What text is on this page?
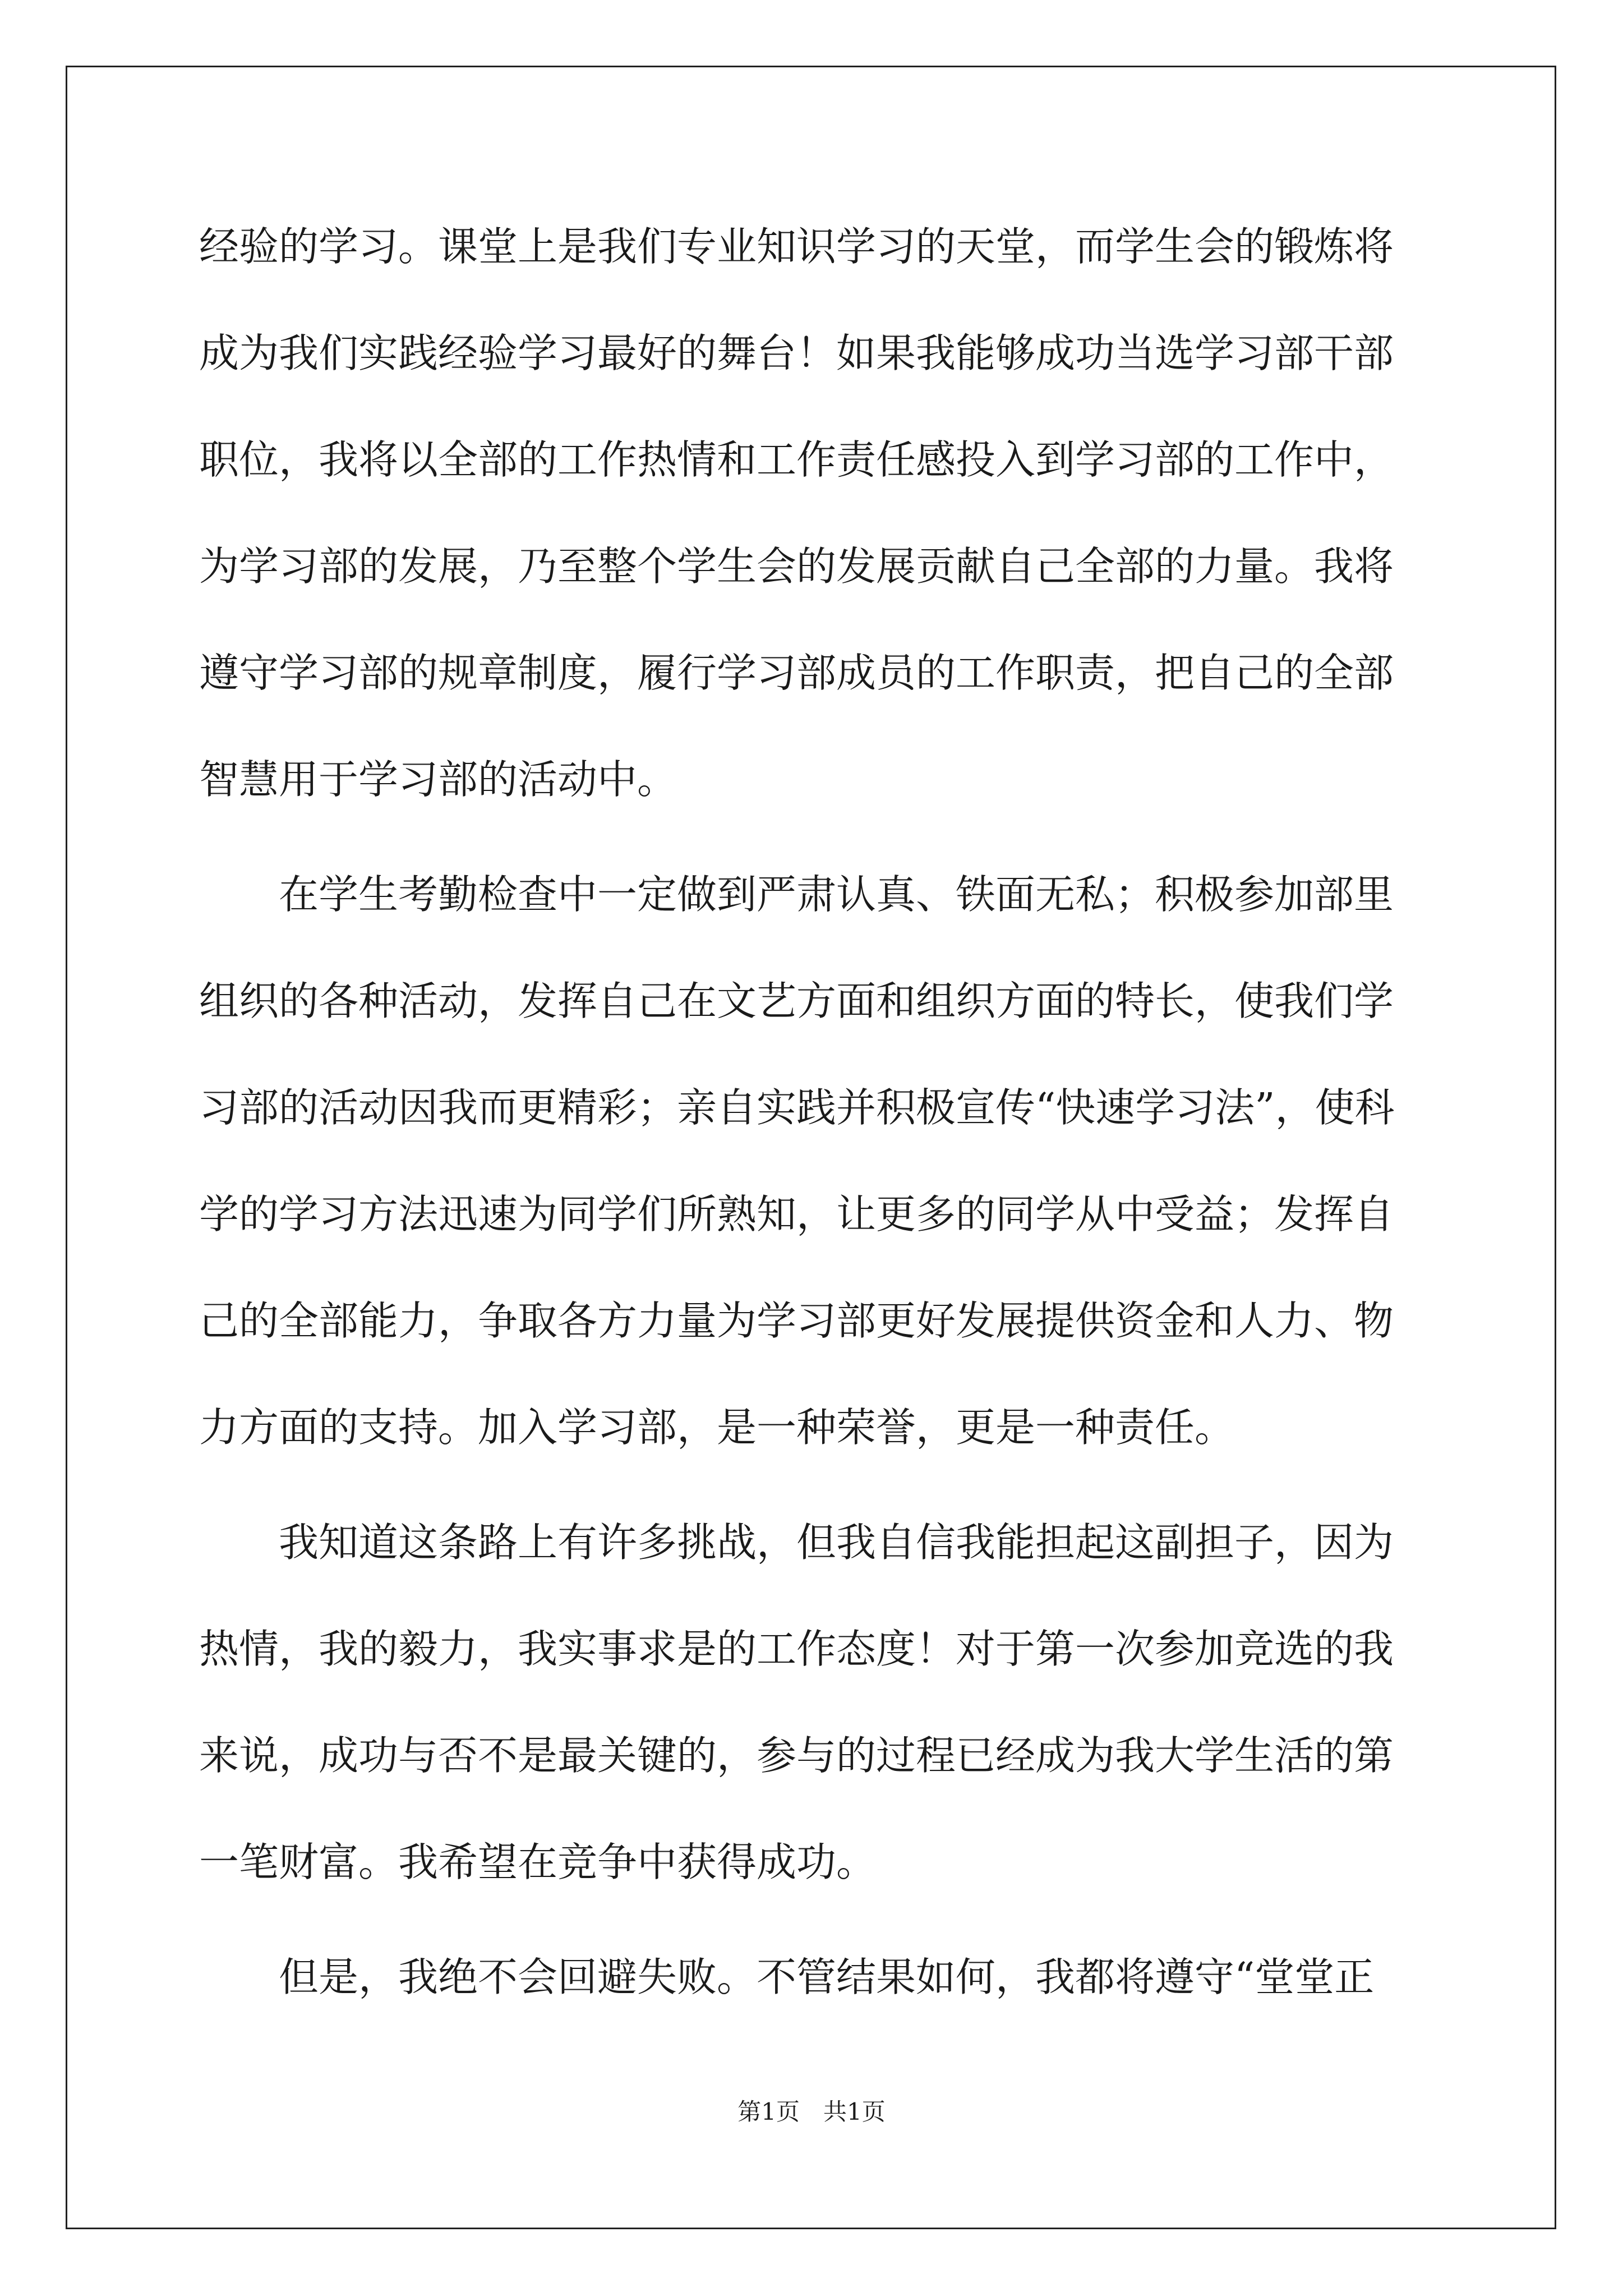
经验的学习。课堂上是我们专业知识学习的天堂，而学生会的锻炼将
成为我们实践经验学习最好的舞台！如果我能够成功当选学习部干部
职位，我将以全部的工作热情和工作责任感投入到学习部的工作中，
为学习部的发展，乃至整个学生会的发展贡献自己全部的力量。我将
遵守学习部的规章制度，履行学习部成员的工作职责，把自己的全部
智慧用于学习部的活动中。
　　在学生考勤检查中一定做到严肃认真、铁面无私；积极参加部里
组织的各种活动，发挥自己在文艺方面和组织方面的特长，使我们学
习部的活动因我而更精彩；亲自实践并积极宣传“快速学习法”，使科
学的学习方法迅速为同学们所熟知，让更多的同学从中受益；发挥自
己的全部能力，争取各方力量为学习部更好发展提供资金和人力、物
力方面的支持。加入学习部，是一种荣誉，更是一种责任。
　　我知道这条路上有许多挑战，但我自信我能担起这副担子，因为
热情，我的毅力，我实事求是的工作态度！对于第一次参加竞选的我
来说，成功与否不是最关键的，参与的过程已经成为我大学生活的第
一笔财富。我希望在竞争中获得成功。
　　但是，我绝不会回避失败。不管结果如何，我都将遵守“堂堂正
第1页　共1页
